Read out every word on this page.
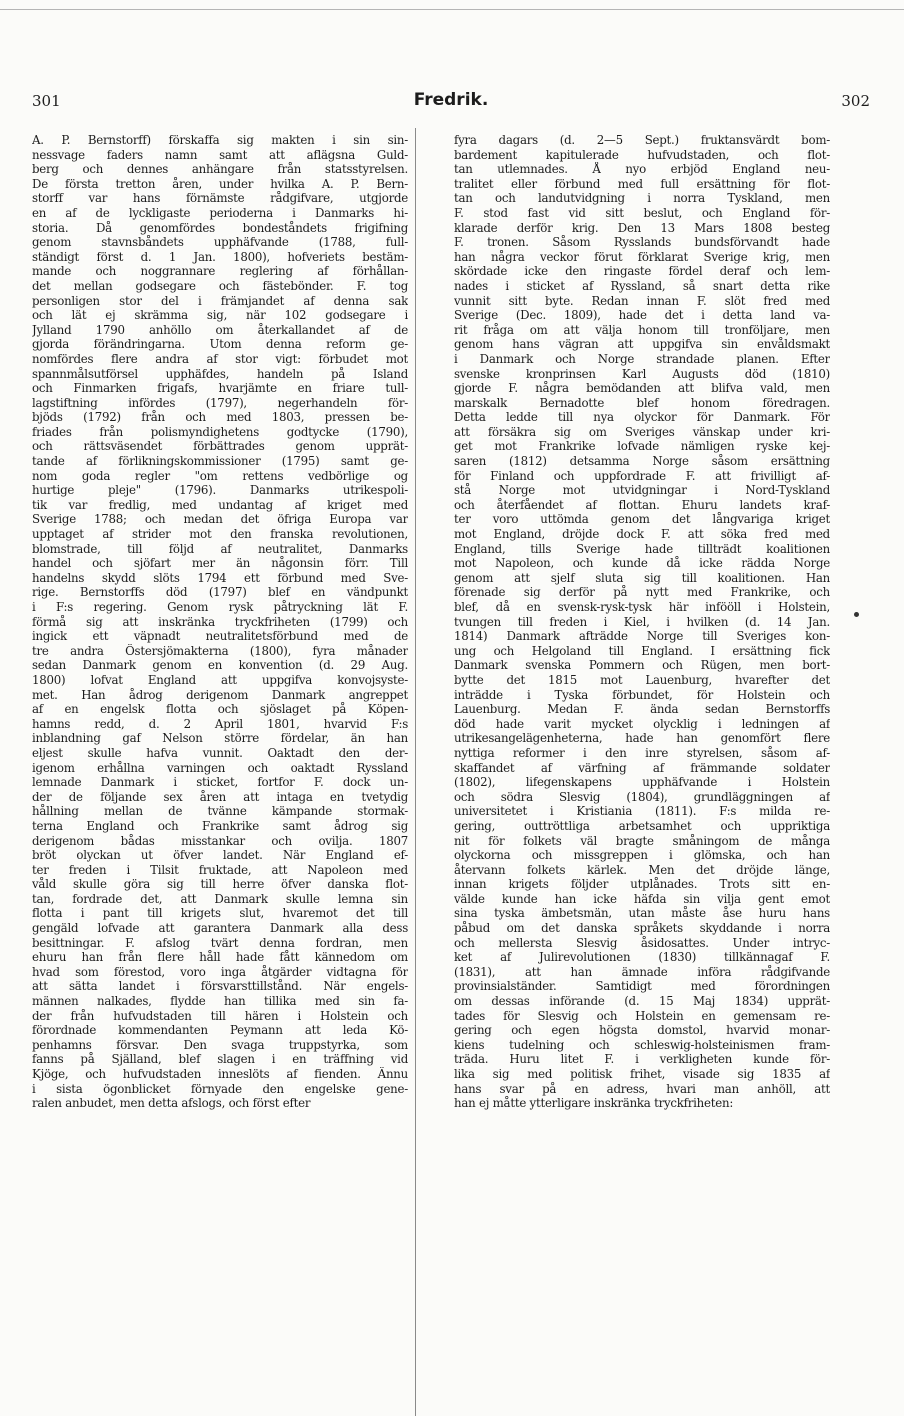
301	Fredrik.	302
A. P. Bernstorff) förskaffa sig makten i sin sin-
nessvage faders namn samt att aflägsna Guld-
berg och dennes anhängare från statsstyrelsen.
De första tretton åren, under hvilka A. P. Bern-
storff var hans förnämste rådgifvare, utgjorde
en af de lyckligaste perioderna i Danmarks hi-
storia. Då genomfördes bondeståndets frigifning
genom stavnsbåndets upphäfvande (1788, full-
ständigt först d. 1 Jan. 1800), hofveriets bestäm-
mande och noggrannare reglering af förhållan-
det mellan godsegare och fästebönder. F. tog
personligen stor del i främjandet af denna sak
och lät ej skrämma sig, när 102 godsegare i
Jylland 1790 anhöllo om återkallandet af de
gjorda förändringarna. Utom denna reform ge-
nomfördes flere andra af stor vigt: förbudet mot
spannmålsutförsel upphäfdes, handeln på Island
och Finmarken frigafs, hvarjämte en friare tull-
lagstiftning infördes (1797), negerhandeln för-
bjöds (1792) från och med 1803, pressen be-
friades från polismyndighetens godtycke (1790),
och rättsväsendet förbättrades genom upprät-
tande af förlikningskommissioner (1795) samt ge-
nom goda regler "om rettens vedbörlige og
hurtige pleje" (1796). Danmarks utrikespoli-
tik var fredlig, med undantag af kriget med
Sverige 1788; och medan det öfriga Europa var
upptaget af strider mot den franska revolutionen,
blomstrade, till följd af neutralitet, Danmarks
handel och sjöfart mer än någonsin förr. Till
handelns skydd slöts 1794 ett förbund med Sve-
rige. Bernstorffs död (1797) blef en vändpunkt
i F:s regering. Genom rysk påtryckning lät F.
förmå sig att inskränka tryckfriheten (1799) och
ingick ett väpnadt neutralitetsförbund med de
tre andra Östersjömakterna (1800), fyra månader
sedan Danmark genom en konvention (d. 29 Aug.
1800) lofvat England att uppgifva konvojsyste-
met. Han ådrog derigenom Danmark angreppet
af en engelsk flotta och sjöslaget på Köpen-
hamns redd, d. 2 April 1801, hvarvid F:s
inblandning gaf Nelson större fördelar, än han
eljest skulle hafva vunnit. Oaktadt den der-
igenom erhållna varningen och oaktadt Ryssland
lemnade Danmark i sticket, fortfor F. dock un-
der de följande sex åren att intaga en tvetydig
hållning mellan de tvänne kämpande stormak-
terna England och Frankrike samt ådrog sig
derigenom bådas misstankar och ovilja. 1807
bröt olyckan ut öfver landet. När England ef-
ter freden i Tilsit fruktade, att Napoleon med
våld skulle göra sig till herre öfver danska flot-
tan, fordrade det, att Danmark skulle lemna sin
flotta i pant till krigets slut, hvaremot det till
gengäld lofvade att garantera Danmark alla dess
besittningar. F. afslog tvärt denna fordran, men
ehuru han från flere håll hade fått kännedom om
hvad som förestod, voro inga åtgärder vidtagna för
att sätta landet i försvarsttillstånd. När engels-
männen nalkades, flydde han tillika med sin fa-
der från hufvudstaden till hären i Holstein och
förordnade kommendanten Peymann att leda Kö-
penhamns försvar. Den svaga truppstyrka, som
fanns på Själland, blef slagen i en träffning vid
Kjöge, och hufvudstaden inneslöts af fienden. Ännu
i sista ögonblicket förnyade den engelske gene-
ralen anbudet, men detta afslogs, och först efter
fyra dagars (d. 2—5 Sept.) fruktansvärdt bom-
bardement kapitulerade hufvudstaden, och flot-
tan utlemnades. Å nyo erbjöd England neu-
tralitet eller förbund med full ersättning för flot-
tan och landutvidgning i norra Tyskland, men
F. stod fast vid sitt beslut, och England för-
klarade derför krig. Den 13 Mars 1808 besteg
F. tronen. Såsom Rysslands bundsförvandt hade
han några veckor förut förklarat Sverige krig, men
skördade icke den ringaste fördel deraf och lem-
nades i sticket af Ryssland, så snart detta rike
vunnit sitt byte. Redan innan F. slöt fred med
Sverige (Dec. 1809), hade det i detta land va-
rit fråga om att välja honom till tronföljare, men
genom hans vägran att uppgifva sin envåldsmakt
i Danmark och Norge strandade planen. Efter
svenske kronprinsen Karl Augusts död (1810)
gjorde F. några bemödanden att blifva vald, men
marskalk Bernadotte blef honom föredragen.
Detta ledde till nya olyckor för Danmark. För
att försäkra sig om Sveriges vänskap under kri-
get mot Frankrike lofvade nämligen ryske kej-
saren (1812) detsamma Norge såsom ersättning
för Finland och uppfordrade F. att frivilligt af-
stå Norge mot utvidgningar i Nord-Tyskland
och återfåendet af flottan. Ehuru landets kraf-
ter voro uttömda genom det långvariga kriget
mot England, dröjde dock F. att söka fred med
England, tills Sverige hade tillträdt koalitionen
mot Napoleon, och kunde då icke rädda Norge
genom att sjelf sluta sig till koalitionen. Han
förenade sig derför på nytt med Frankrike, och
blef, då en svensk-rysk-tysk här infööll i Holstein,
tvungen till freden i Kiel, i hvilken (d. 14 Jan.
1814) Danmark afträdde Norge till Sveriges kon-
ung och Helgoland till England. I ersättning fick
Danmark svenska Pommern och Rügen, men bort-
bytte det 1815 mot Lauenburg, hvarefter det
inträdde i Tyska förbundet, för Holstein och
Lauenburg. Medan F. ända sedan Bernstorffs
död hade varit mycket olycklig i ledningen af
utrikesangelägenheterna, hade han genomfört flere
nyttiga reformer i den inre styrelsen, såsom af-
skaffandet af värfning af främmande soldater
(1802), lifegenskapens upphäfvande i Holstein
och södra Slesvig (1804), grundläggningen af
universitetet i Kristiania (1811). F:s milda re-
gering, outtröttliga arbetsamhet och uppriktiga
nit för folkets väl bragte småningom de många
olyckorna och missgreppen i glömska, och han
återvann folkets kärlek. Men det dröjde länge,
innan krigets följder utplånades. Trots sitt en-
välde kunde han icke häfda sin vilja gent emot
sina tyska ämbetsmän, utan måste åse huru hans
påbud om det danska språkets skyddande i norra
och mellersta Slesvig åsidosattes. Under intryc-
ket af Julirevolutionen (1830) tillkännagaf F.
(1831), att han ämnade införa rådgifvande
provinsialständer. Samtidigt med förordningen
om dessas införande (d. 15 Maj 1834) upprät-
tades för Slesvig och Holstein en gemensam re-
gering och egen högsta domstol, hvarvid monar-
kiens tudelning och schleswig-holsteinismen fram-
träda. Huru litet F. i verkligheten kunde för-
lika sig med politisk frihet, visade sig 1835 af
hans svar på en adress, hvari man anhöll, att
han ej måtte ytterligare inskränka tryckfriheten:
